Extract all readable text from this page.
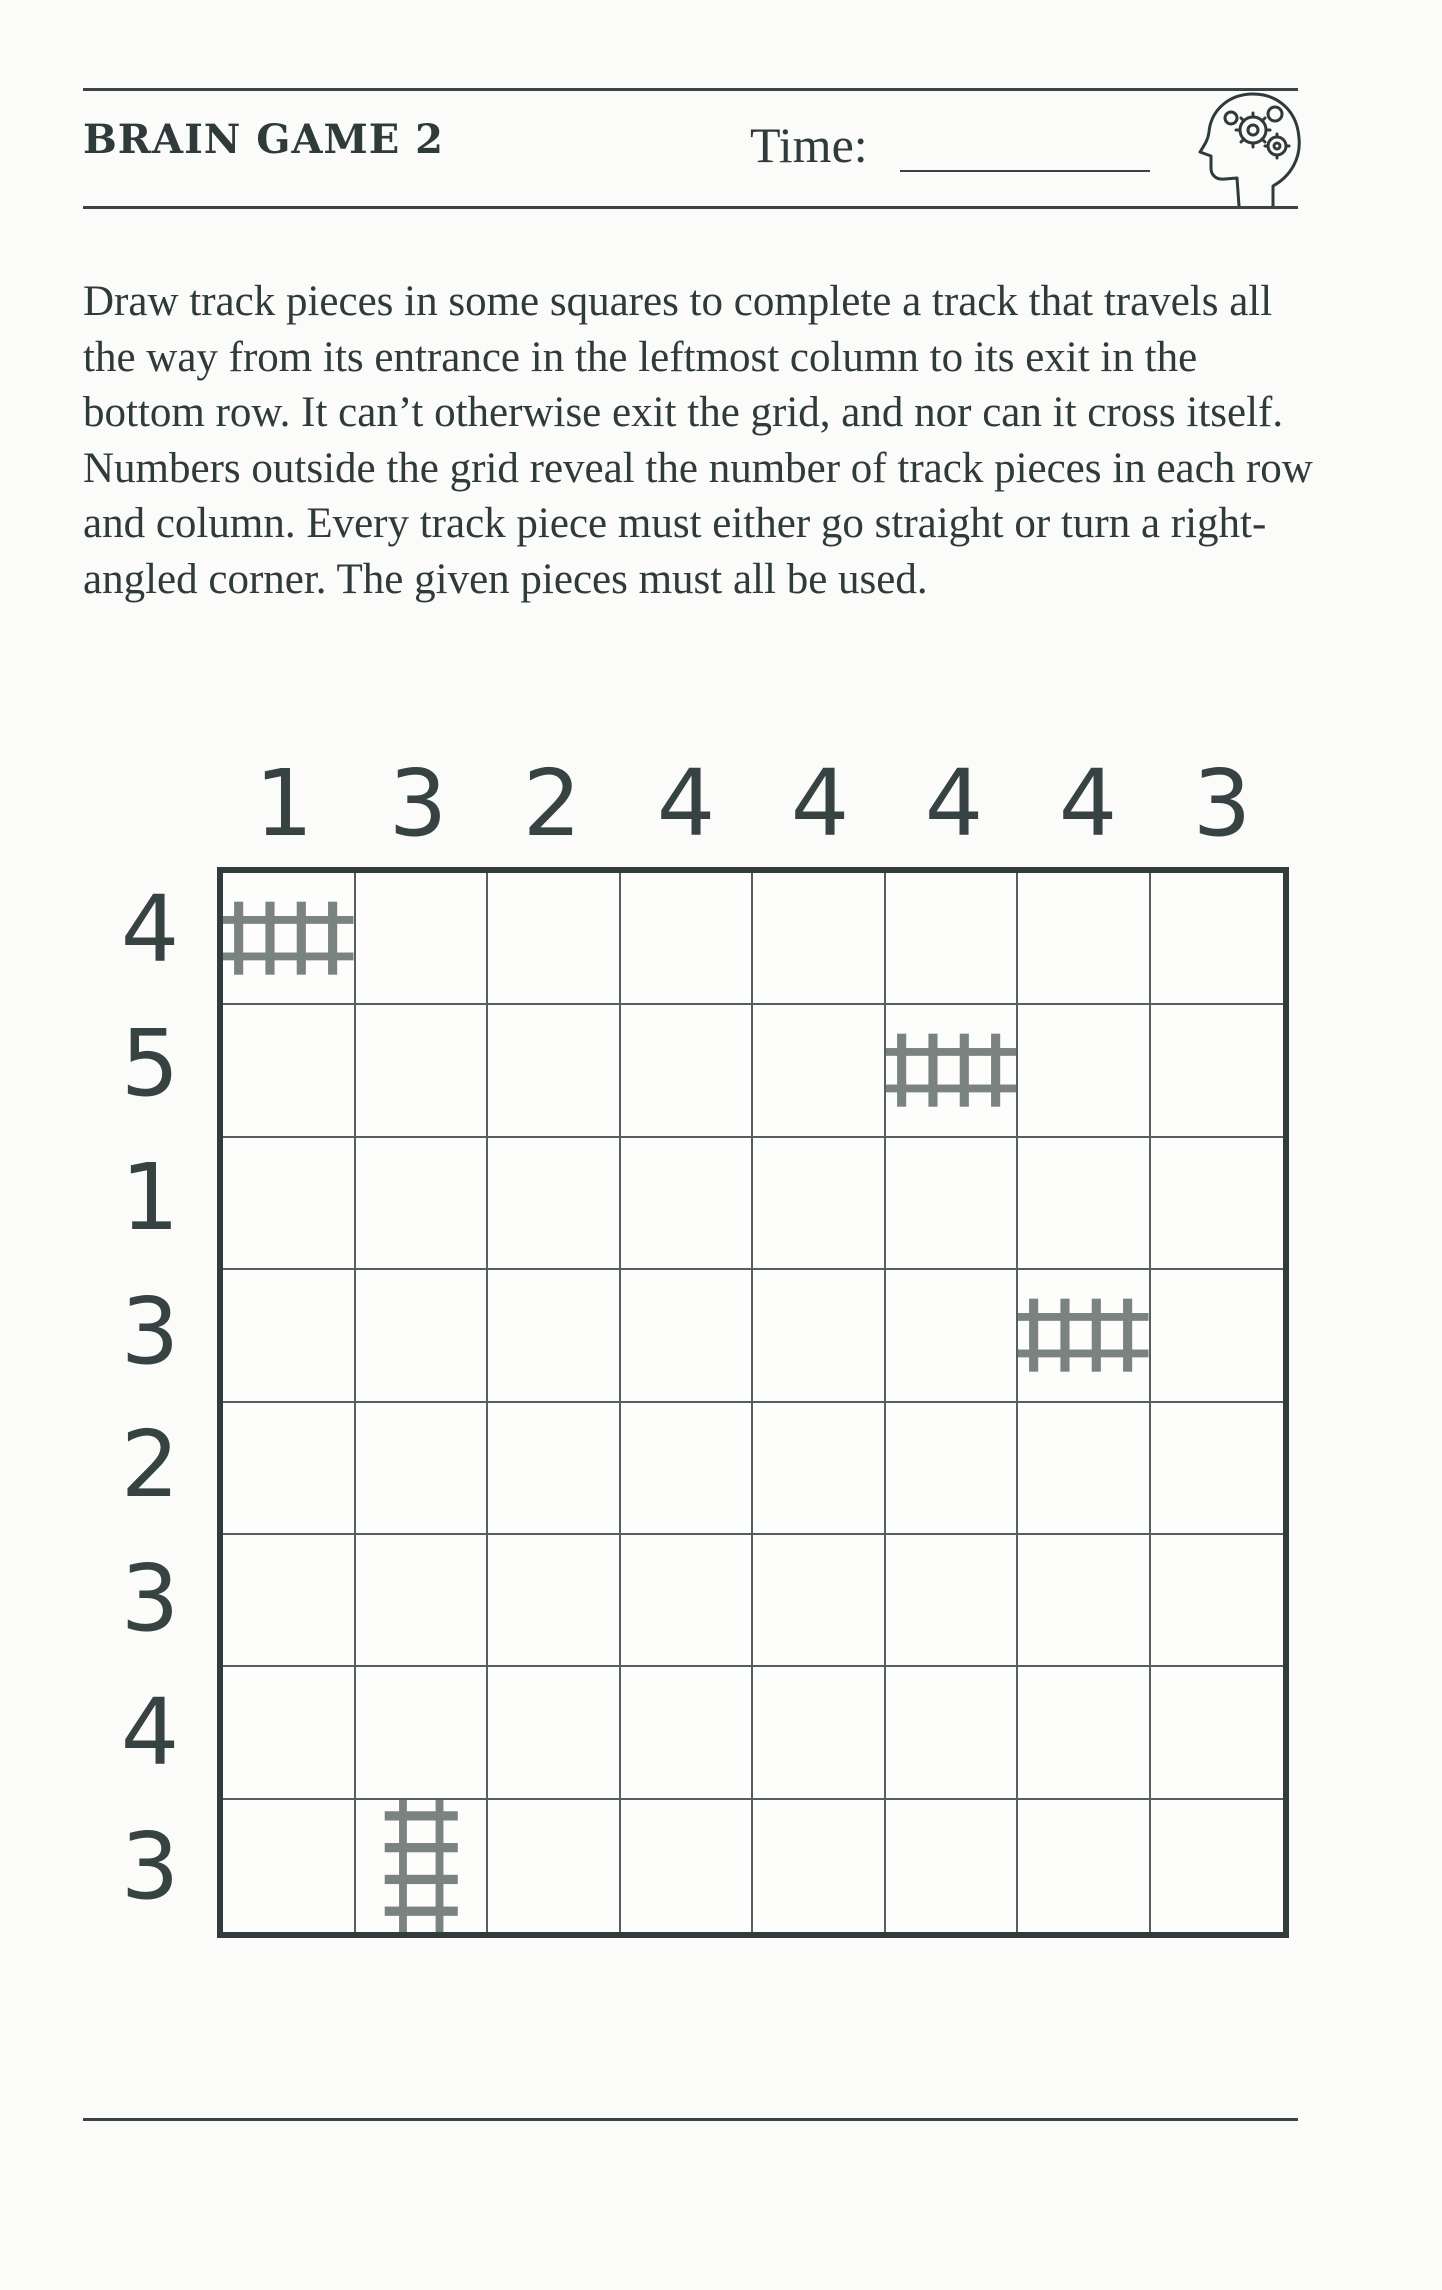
BRAIN GAME 2	Time:

Draw track pieces in some squares to complete a track that travels all the way from its entrance in the leftmost column to its exit in the bottom row. It can’t otherwise exit the grid, and nor can it cross itself. Numbers outside the grid reveal the number of track pieces in each row and column. Every track piece must either go straight or turn a right-angled corner. The given pieces must all be used.

1 3 2 4 4 4 4 3
4
5
1
3
2
3
4
3
